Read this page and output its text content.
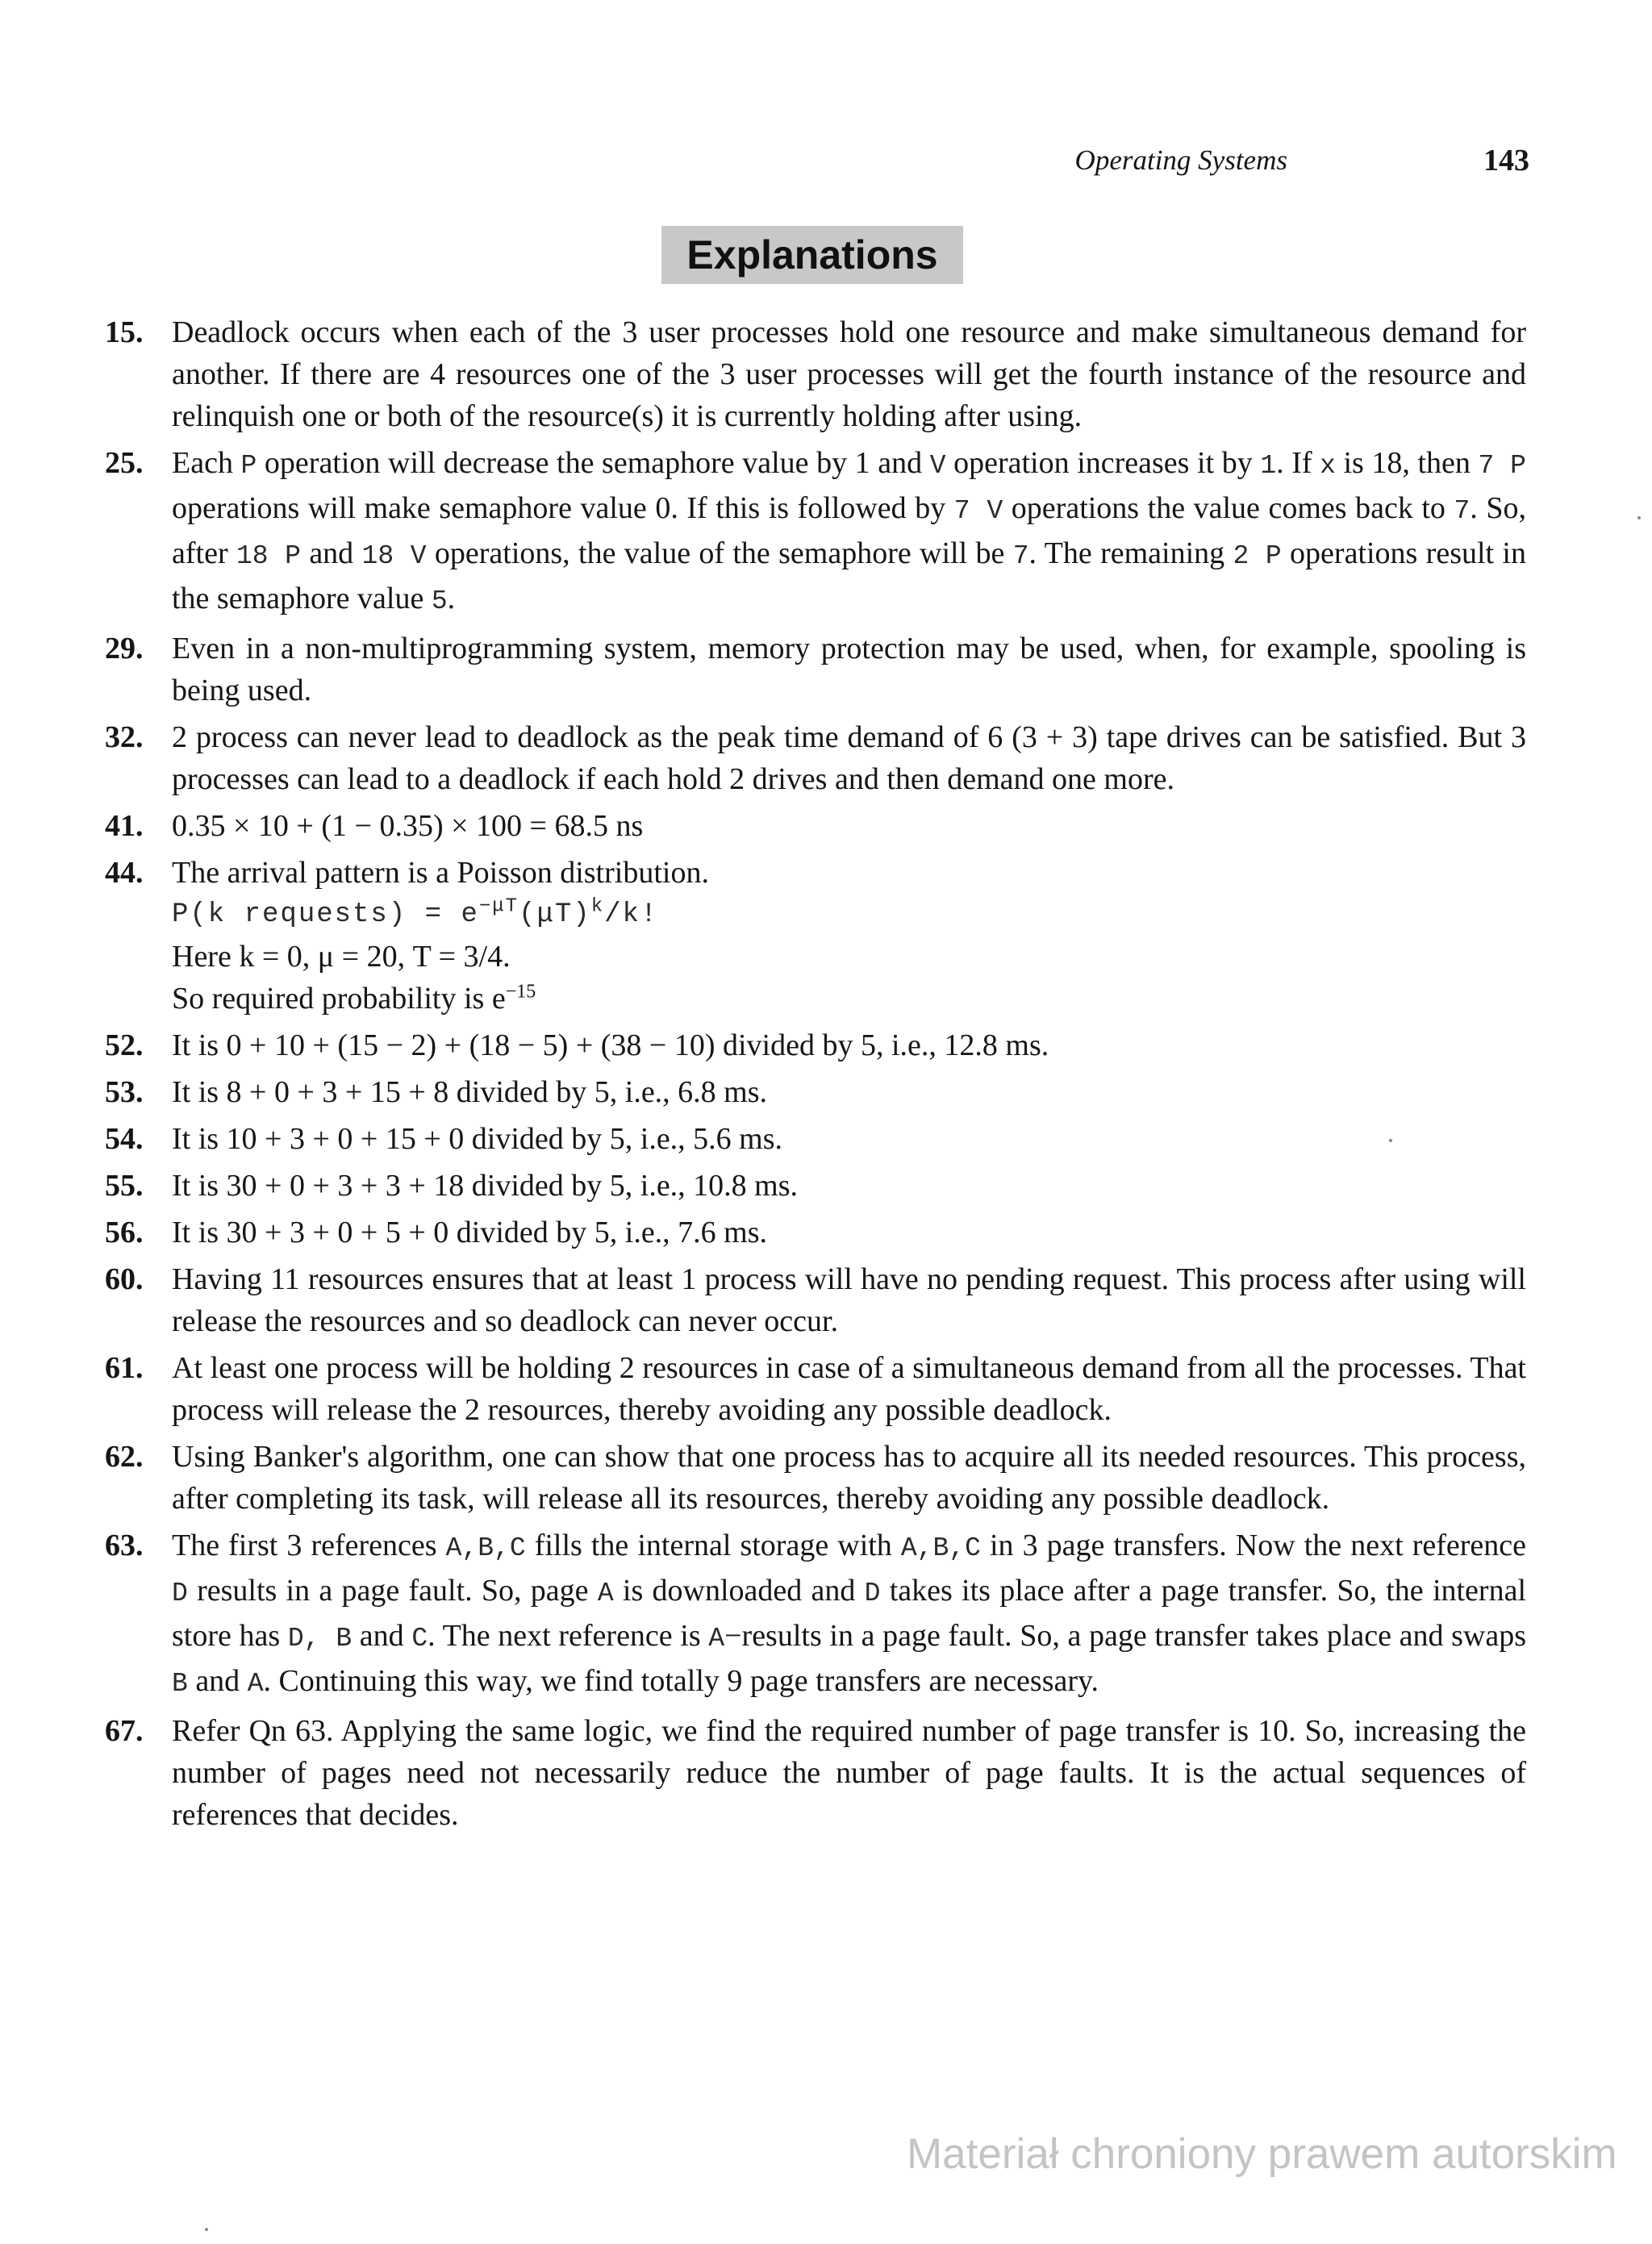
Operating Systems	143
Explanations
15. Deadlock occurs when each of the 3 user processes hold one resource and make simultaneous demand for another. If there are 4 resources one of the 3 user processes will get the fourth instance of the resource and relinquish one or both of the resource(s) it is currently holding after using.
25. Each P operation will decrease the semaphore value by 1 and V operation increases it by 1. If x is 18, then 7 P operations will make semaphore value 0. If this is followed by 7 V operations the value comes back to 7. So, after 18 P and 18 V operations, the value of the semaphore will be 7. The remaining 2 P operations result in the semaphore value 5.
29. Even in a non-multiprogramming system, memory protection may be used, when, for example, spooling is being used.
32. 2 process can never lead to deadlock as the peak time demand of 6 (3 + 3) tape drives can be satisfied. But 3 processes can lead to a deadlock if each hold 2 drives and then demand one more.
41. 0.35 × 10 + (1 − 0.35) × 100 = 68.5 ns
44. The arrival pattern is a Poisson distribution.
P(k requests) = $e^{-\mu T}(\mu T)^k/k$!
Here k = 0, μ = 20, T = 3/4.
So required probability is $e^{-15}$
52. It is 0 + 10 + (15 − 2) + (18 − 5) + (38 − 10) divided by 5, i.e., 12.8 ms.
53. It is 8 + 0 + 3 + 15 + 8 divided by 5, i.e., 6.8 ms.
54. It is 10 + 3 + 0 + 15 + 0 divided by 5, i.e., 5.6 ms.
55. It is 30 + 0 + 3 + 3 + 18 divided by 5, i.e., 10.8 ms.
56. It is 30 + 3 + 0 + 5 + 0 divided by 5, i.e., 7.6 ms.
60. Having 11 resources ensures that at least 1 process will have no pending request. This process after using will release the resources and so deadlock can never occur.
61. At least one process will be holding 2 resources in case of a simultaneous demand from all the processes. That process will release the 2 resources, thereby avoiding any possible deadlock.
62. Using Banker's algorithm, one can show that one process has to acquire all its needed resources. This process, after completing its task, will release all its resources, thereby avoiding any possible deadlock.
63. The first 3 references A,B,C fills the internal storage with A,B,C in 3 page transfers. Now the next reference D results in a page fault. So, page A is downloaded and D takes its place after a page transfer. So, the internal store has D, B and C. The next reference is A−results in a page fault. So, a page transfer takes place and swaps B and A. Continuing this way, we find totally 9 page transfers are necessary.
67. Refer Qn 63. Applying the same logic, we find the required number of page transfer is 10. So, increasing the number of pages need not necessarily reduce the number of page faults. It is the actual sequences of references that decides.
Materiał chroniony prawem autorskim
